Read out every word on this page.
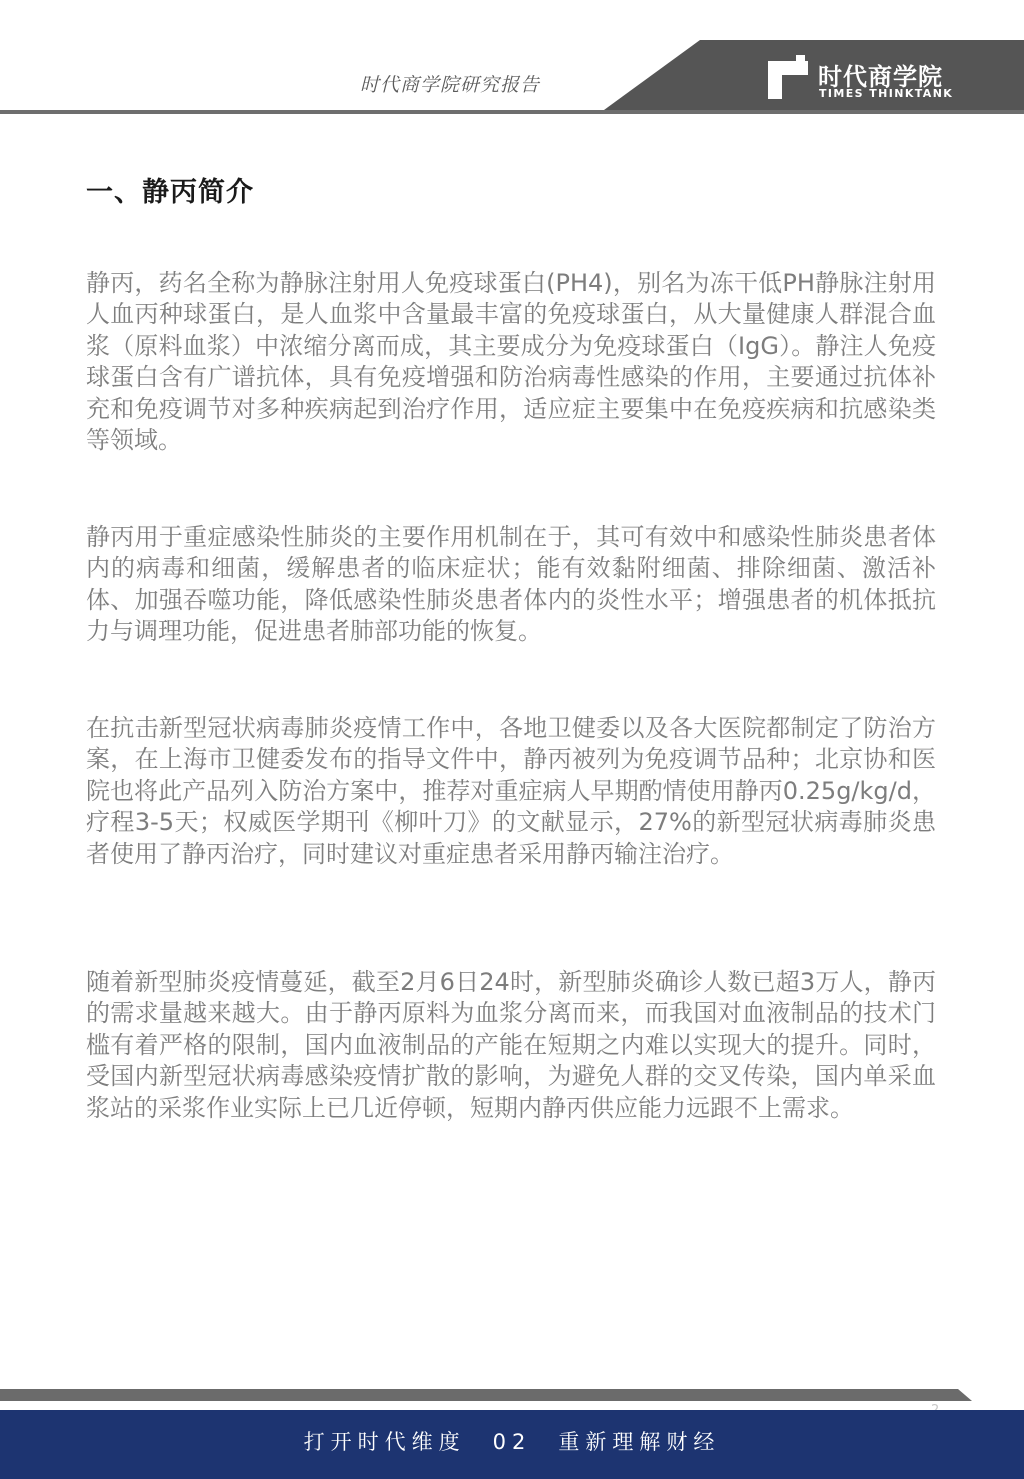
时代商学院研究报告	时代商学院
TIMES THINKTANK
一、静丙简介

静丙，药名全称为静脉注射用人免疫球蛋白(PH4)，别名为冻干低PH静脉注射用人血丙种球蛋白，是人血浆中含量最丰富的免疫球蛋白，从大量健康人群混合血浆（原料血浆）中浓缩分离而成，其主要成分为免疫球蛋白（IgG）。静注人免疫球蛋白含有广谱抗体，具有免疫增强和防治病毒性感染的作用，主要通过抗体补充和免疫调节对多种疾病起到治疗作用，适应症主要集中在免疫疾病和抗感染类等领域。

静丙用于重症感染性肺炎的主要作用机制在于，其可有效中和感染性肺炎患者体内的病毒和细菌，缓解患者的临床症状；能有效黏附细菌、排除细菌、激活补体、加强吞噬功能，降低感染性肺炎患者体内的炎性水平；增强患者的机体抵抗力与调理功能，促进患者肺部功能的恢复。

在抗击新型冠状病毒肺炎疫情工作中，各地卫健委以及各大医院都制定了防治方案，在上海市卫健委发布的指导文件中，静丙被列为免疫调节品种；北京协和医院也将此产品列入防治方案中，推荐对重症病人早期酌情使用静丙0.25g/kg/d，疗程3-5天；权威医学期刊《柳叶刀》的文献显示，27%的新型冠状病毒肺炎患者使用了静丙治疗，同时建议对重症患者采用静丙输注治疗。

随着新型肺炎疫情蔓延，截至2月6日24时，新型肺炎确诊人数已超3万人，静丙的需求量越来越大。由于静丙原料为血浆分离而来，而我国对血液制品的技术门槛有着严格的限制，国内血液制品的产能在短期之内难以实现大的提升。同时，受国内新型冠状病毒感染疫情扩散的影响，为避免人群的交叉传染，国内单采血浆站的采浆作业实际上已几近停顿，短期内静丙供应能力远跟不上需求。

打开时代维度　02　重新理解财经
